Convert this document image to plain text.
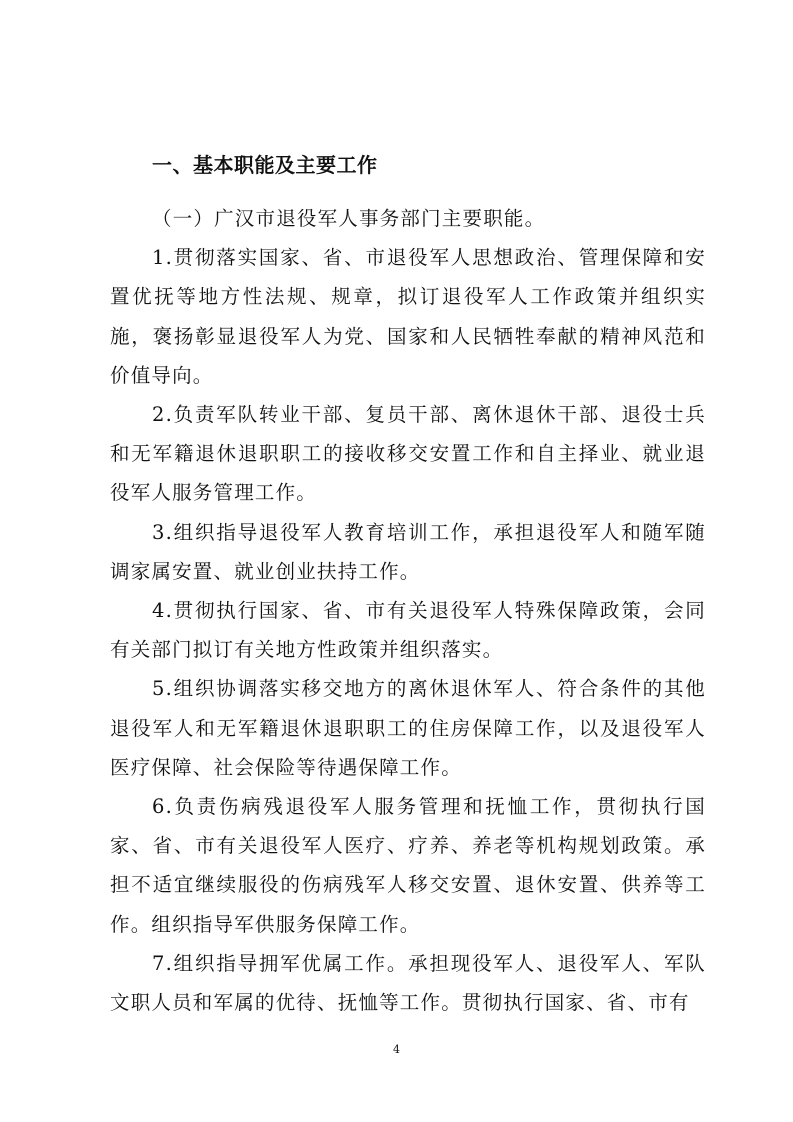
一、基本职能及主要工作

（一）广汉市退役军人事务部门主要职能。

1.贯彻落实国家、省、市退役军人思想政治、管理保障和安置优抚等地方性法规、规章，拟订退役军人工作政策并组织实施，褒扬彰显退役军人为党、国家和人民牺牲奉献的精神风范和价值导向。

2.负责军队转业干部、复员干部、离休退休干部、退役士兵和无军籍退休退职职工的接收移交安置工作和自主择业、就业退役军人服务管理工作。

3.组织指导退役军人教育培训工作，承担退役军人和随军随调家属安置、就业创业扶持工作。

4.贯彻执行国家、省、市有关退役军人特殊保障政策，会同有关部门拟订有关地方性政策并组织落实。

5.组织协调落实移交地方的离休退休军人、符合条件的其他退役军人和无军籍退休退职职工的住房保障工作，以及退役军人医疗保障、社会保险等待遇保障工作。

6.负责伤病残退役军人服务管理和抚恤工作，贯彻执行国家、省、市有关退役军人医疗、疗养、养老等机构规划政策。承担不适宜继续服役的伤病残军人移交安置、退休安置、供养等工作。组织指导军供服务保障工作。

7.组织指导拥军优属工作。承担现役军人、退役军人、军队文职人员和军属的优待、抚恤等工作。贯彻执行国家、省、市有

4
